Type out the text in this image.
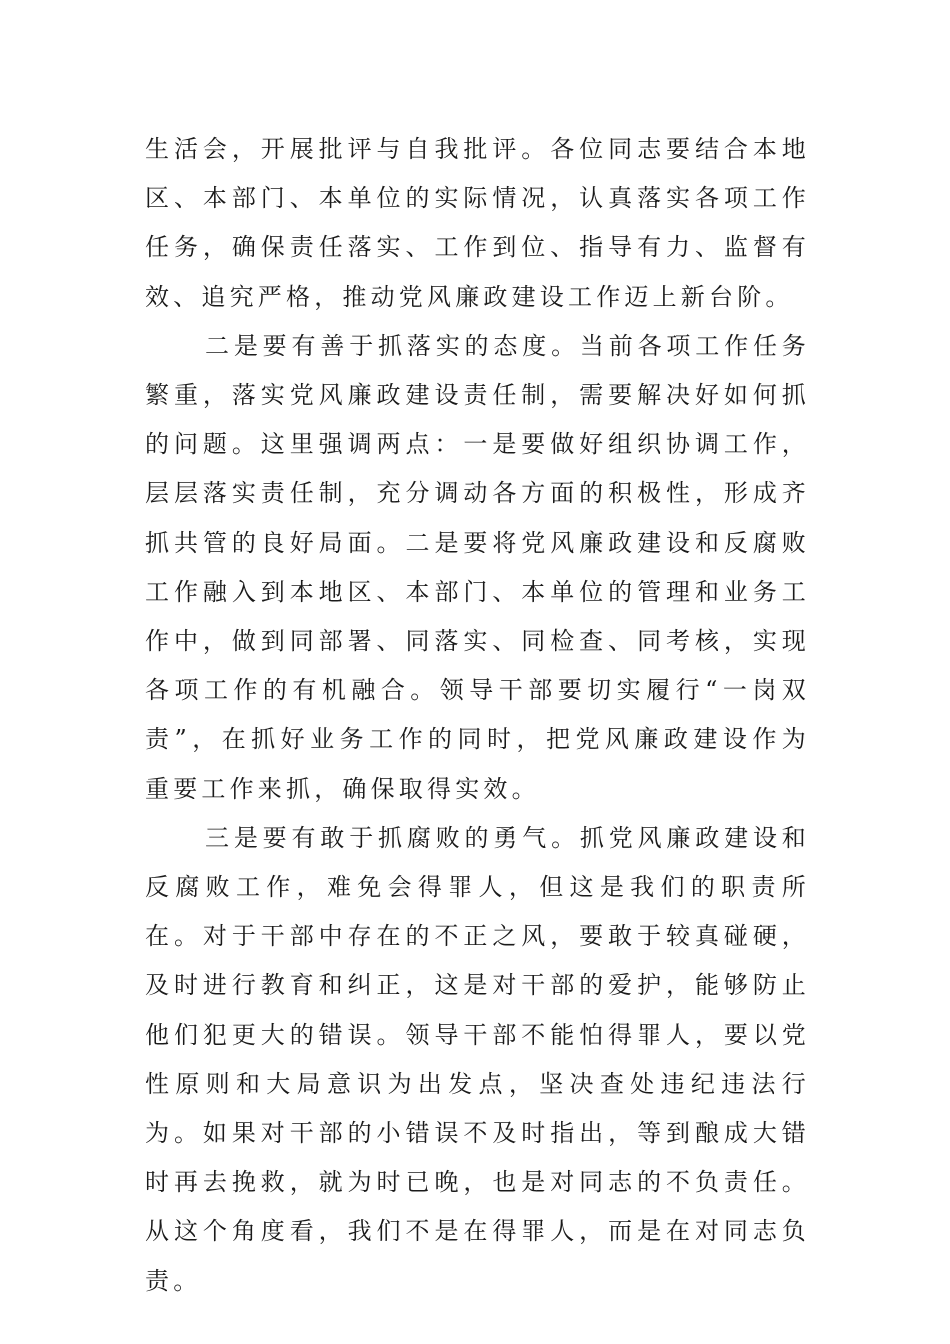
生活会，开展批评与自我批评。各位同志要结合本地区、本部门、本单位的实际情况，认真落实各项工作任务，确保责任落实、工作到位、指导有力、监督有效、追究严格，推动党风廉政建设工作迈上新台阶。

二是要有善于抓落实的态度。当前各项工作任务繁重，落实党风廉政建设责任制，需要解决好如何抓的问题。这里强调两点：一是要做好组织协调工作，层层落实责任制，充分调动各方面的积极性，形成齐抓共管的良好局面。二是要将党风廉政建设和反腐败工作融入到本地区、本部门、本单位的管理和业务工作中，做到同部署、同落实、同检查、同考核，实现各项工作的有机融合。领导干部要切实履行“一岗双责”，在抓好业务工作的同时，把党风廉政建设作为重要工作来抓，确保取得实效。

三是要有敢于抓腐败的勇气。抓党风廉政建设和反腐败工作，难免会得罪人，但这是我们的职责所在。对于干部中存在的不正之风，要敢于较真碰硬，及时进行教育和纠正，这是对干部的爱护，能够防止他们犯更大的错误。领导干部不能怕得罪人，要以党性原则和大局意识为出发点，坚决查处违纪违法行为。如果对干部的小错误不及时指出，等到酿成大错时再去挽救，就为时已晚，也是对同志的不负责任。从这个角度看，我们不是在得罪人，而是在对同志负责。
